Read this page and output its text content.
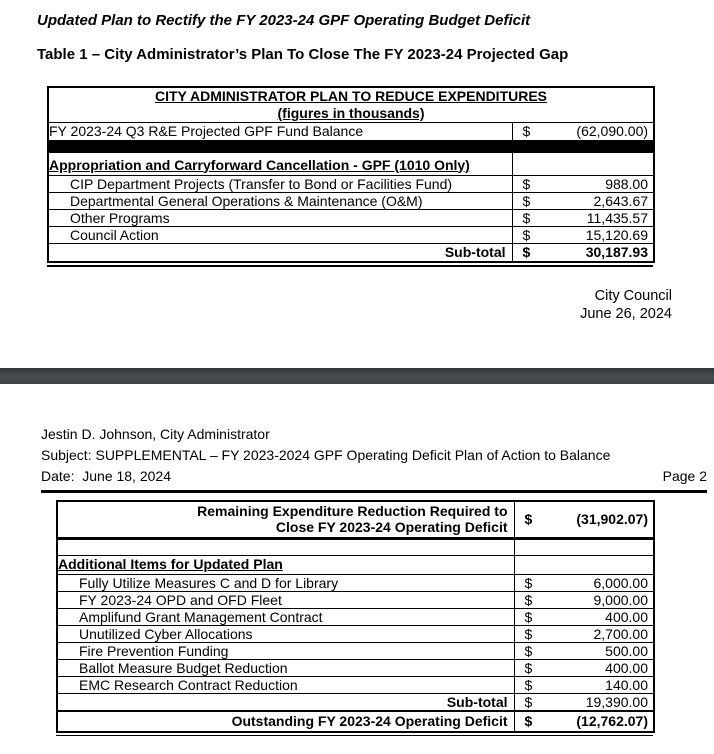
Updated Plan to Rectify the FY 2023-24 GPF Operating Budget Deficit
Table 1 – City Administrator’s Plan To Close The FY 2023-24 Projected Gap
CITY ADMINISTRATOR PLAN TO REDUCE EXPENDITURES	
(figures in thousands)	
FY 2023-24 Q3 R&E Projected GPF Fund Balance	$ (62,090.00)

Appropriation and Carryforward Cancellation - GPF (1010 Only)	
CIP Department Projects (Transfer to Bond or Facilities Fund)	$ 988.00

Departmental General Operations & Maintenance (O&M)	$ 2,643.67

Other Programs	$ 11,435.57

Council Action	$ 15,120.69

Sub-total	$ 30,187.93
City Council
June 26, 2024
Jestin D. Johnson, City Administrator
Subject: SUPPLEMENTAL – FY 2023-2024 GPF Operating Deficit Plan of Action to Balance
Date:  June 18, 2024	Page 2
Remaining Expenditure Reduction Required to
Close FY 2023-24 Operating Deficit	$	(31,902.07)

Additional Items for Updated Plan	
Fully Utilize Measures C and D for Library	$ 6,000.00

FY 2023-24 OPD and OFD Fleet	$ 9,000.00

Amplifund Grant Management Contract	$ 400.00

Unutilized Cyber Allocations	$ 2,700.00

Fire Prevention Funding	$ 500.00

Ballot Measure Budget Reduction	$ 400.00

EMC Research Contract Reduction	$ 140.00

Sub-total	$ 19,390.00

Outstanding FY 2023-24 Operating Deficit	$ (12,762.07)
